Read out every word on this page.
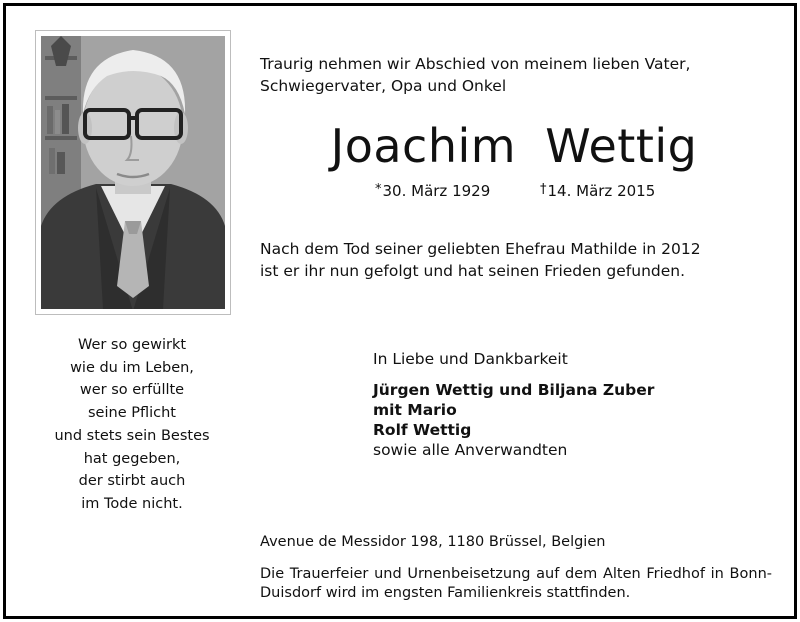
Wer so gewirkt
wie du im Leben,
wer so erfüllte
seine Pflicht
und stets sein Bestes
hat gegeben,
der stirbt auch
im Tode nicht.
Traurig nehmen wir Abschied von meinem lieben Vater,
Schwiegervater, Opa und Onkel
Joachim Wettig
*30. März 1929	†14. März 2015
Nach dem Tod seiner geliebten Ehefrau Mathilde in 2012
ist er ihr nun gefolgt und hat seinen Frieden gefunden.
In Liebe und Dankbarkeit
Jürgen Wettig und Biljana Zuber
mit Mario
Rolf Wettig
sowie alle Anverwandten
Avenue de Messidor 198, 1180 Brüssel, Belgien
Die Trauerfeier und Urnenbeisetzung auf dem Alten Friedhof in Bonn-
Duisdorf wird im engsten Familienkreis stattfinden.
